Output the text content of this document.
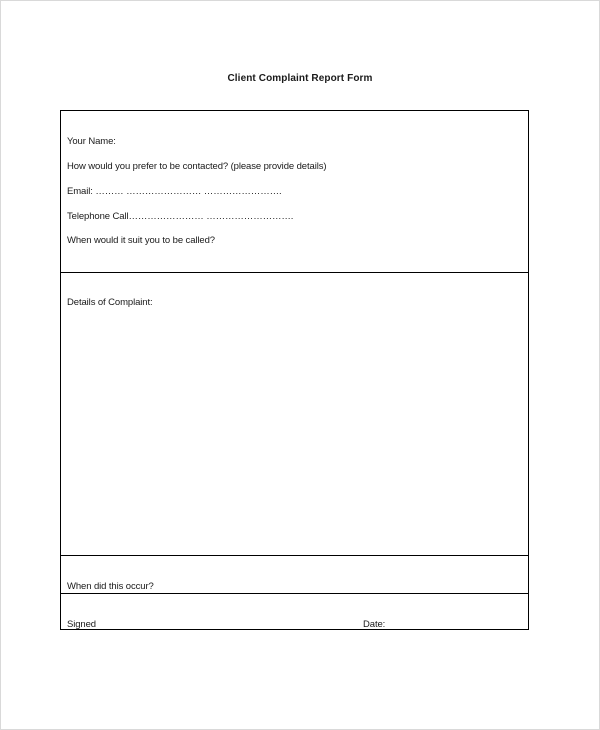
Client Complaint Report Form
Your Name:
How would you prefer to be contacted? (please provide details)
Email: ……… …………………… …………………….
Telephone Call…………………… ……………………….
When would it suit you to be called?
Details of Complaint:
When did this occur?
Signed	Date:
